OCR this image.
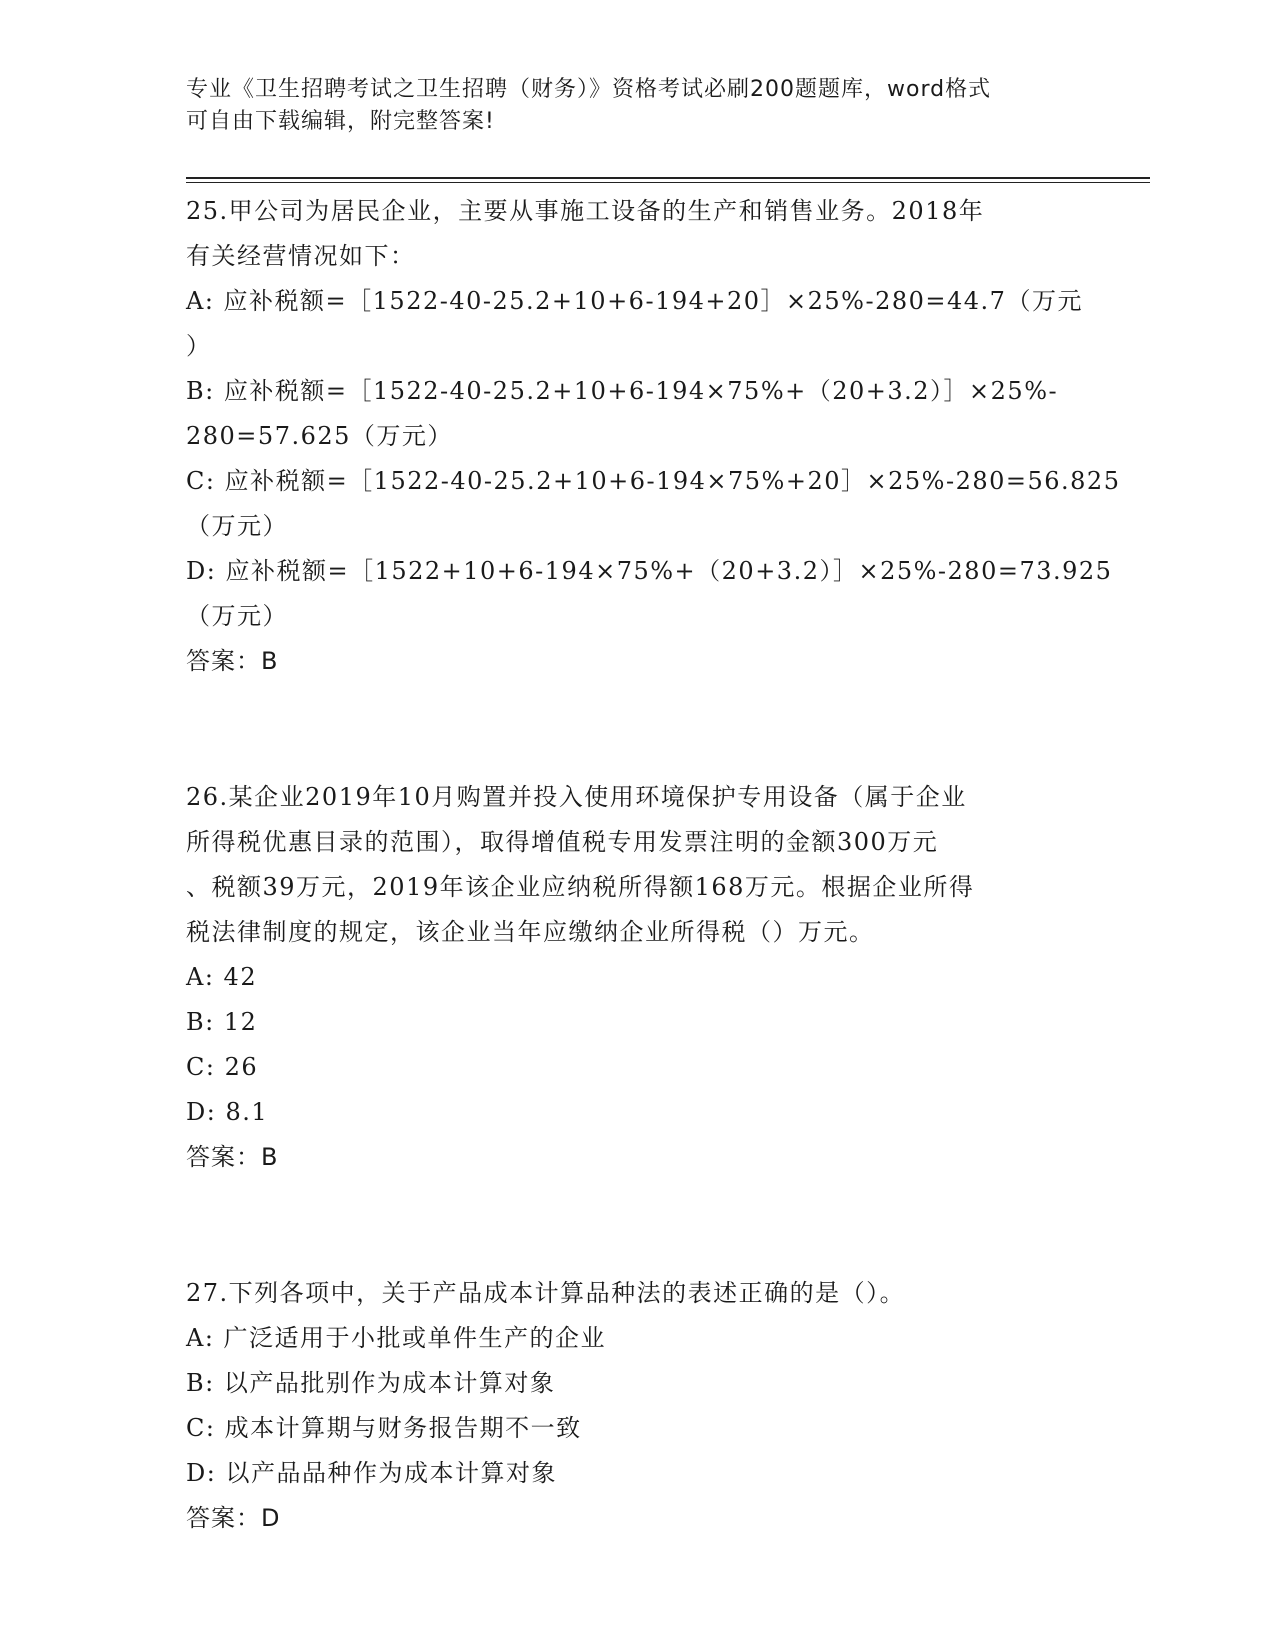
专业《卫生招聘考试之卫生招聘（财务）》资格考试必刷200题题库，word格式
可自由下载编辑，附完整答案!
25.甲公司为居民企业，主要从事施工设备的生产和销售业务。2018年
有关经营情况如下：
A: 应补税额=［1522-40-25.2+10+6-194+20］×25%-280=44.7（万元
）
B: 应补税额=［1522-40-25.2+10+6-194×75%+（20+3.2）］×25%-
280=57.625（万元）
C: 应补税额=［1522-40-25.2+10+6-194×75%+20］×25%-280=56.825
（万元）
D: 应补税额=［1522+10+6-194×75%+（20+3.2）］×25%-280=73.925
（万元）
答案：B
26.某企业2019年10月购置并投入使用环境保护专用设备（属于企业
所得税优惠目录的范围），取得增值税专用发票注明的金额300万元
、税额39万元，2019年该企业应纳税所得额168万元。根据企业所得
税法律制度的规定，该企业当年应缴纳企业所得税（）万元。
A: 42
B: 12
C: 26
D: 8.1
答案：B
27.下列各项中，关于产品成本计算品种法的表述正确的是（）。
A: 广泛适用于小批或单件生产的企业
B: 以产品批别作为成本计算对象
C: 成本计算期与财务报告期不一致
D: 以产品品种作为成本计算对象
答案：D
